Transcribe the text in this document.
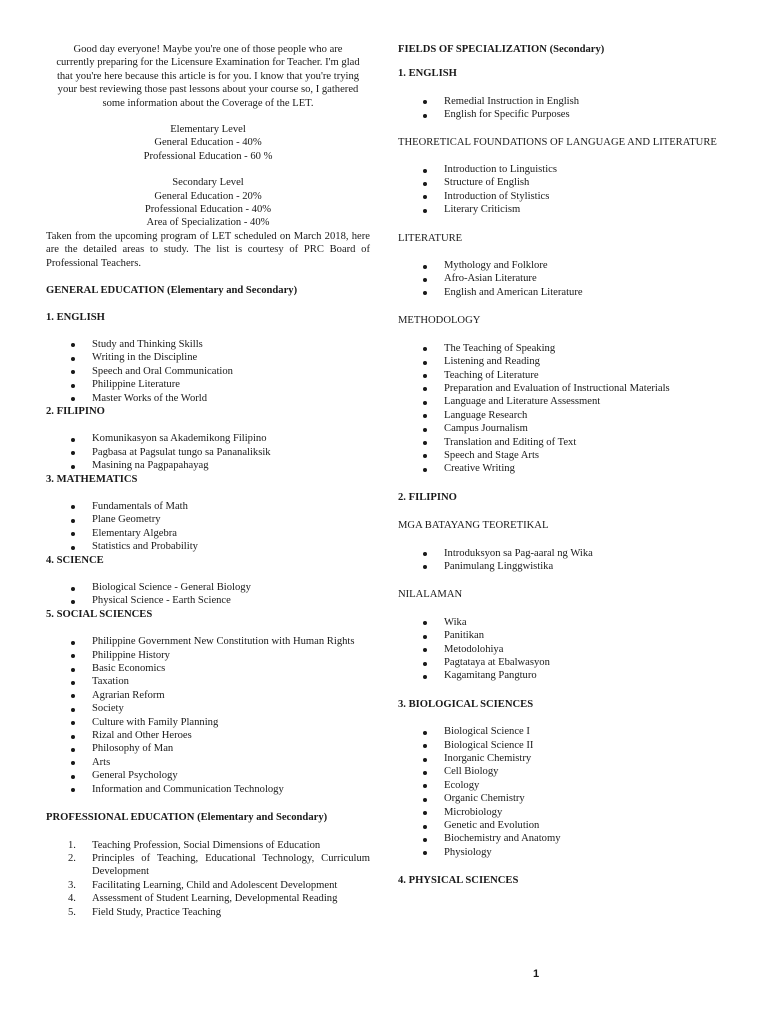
Good day everyone! Maybe you're one of those people who are currently preparing for the Licensure Examination for Teacher. I'm glad that you're here because this article is for you. I know that you're trying your best reviewing those past lessons about your course so, I gathered some information about the Coverage of the LET.

Elementary Level
General Education - 40%
Professional Education - 60 %
Secondary Level
General Education - 20%
Professional Education - 40%
Area of Specialization - 40%

Taken from the upcoming program of LET scheduled on March 2018, here are the detailed areas to study. The list is courtesy of PRC Board of Professional Teachers.

GENERAL EDUCATION (Elementary and Secondary)
1. ENGLISH
Study and Thinking Skills
Writing in the Discipline
Speech and Oral Communication
Philippine Literature
Master Works of the World
2. FILIPINO
Komunikasyon sa Akademikong Filipino
Pagbasa at Pagsulat tungo sa Pananaliksik
Masining na Pagpapahayag
3. MATHEMATICS
Fundamentals of Math
Plane Geometry
Elementary Algebra
Statistics and Probability
4. SCIENCE
Biological Science - General Biology
Physical Science - Earth Science
5. SOCIAL SCIENCES
Philippine Government New Constitution with Human Rights
Philippine History
Basic Economics
Taxation
Agrarian Reform
Society
Culture with Family Planning
Rizal and Other Heroes
Philosophy of Man
Arts
General Psychology
Information and Communication Technology
PROFESSIONAL EDUCATION (Elementary and Secondary)
1. Teaching Profession, Social Dimensions of Education
2. Principles of Teaching, Educational Technology, Curriculum Development
3. Facilitating Learning, Child and Adolescent Development
4. Assessment of Student Learning, Developmental Reading
5. Field Study, Practice Teaching
FIELDS OF SPECIALIZATION (Secondary)
1. ENGLISH
Remedial Instruction in English
English for Specific Purposes
THEORETICAL FOUNDATIONS OF LANGUAGE AND LITERATURE
Introduction to Linguistics
Structure of English
Introduction of Stylistics
Literary Criticism
LITERATURE
Mythology and Folklore
Afro-Asian Literature
English and American Literature
METHODOLOGY
The Teaching of Speaking
Listening and Reading
Teaching of Literature
Preparation and Evaluation of Instructional Materials
Language and Literature Assessment
Language Research
Campus Journalism
Translation and Editing of Text
Speech and Stage Arts
Creative Writing
2. FILIPINO
MGA BATAYANG TEORETIKAL
Introduksyon sa Pag-aaral ng Wika
Panimulang Linggwistika
NILALAMAN
Wika
Panitikan
Metodolohiya
Pagtataya at Ebalwasyon
Kagamitang Pangturo
3. BIOLOGICAL SCIENCES
Biological Science I
Biological Science II
Inorganic Chemistry
Cell Biology
Ecology
Organic Chemistry
Microbiology
Genetic and Evolution
Biochemistry and Anatomy
Physiology
4. PHYSICAL SCIENCES
1
